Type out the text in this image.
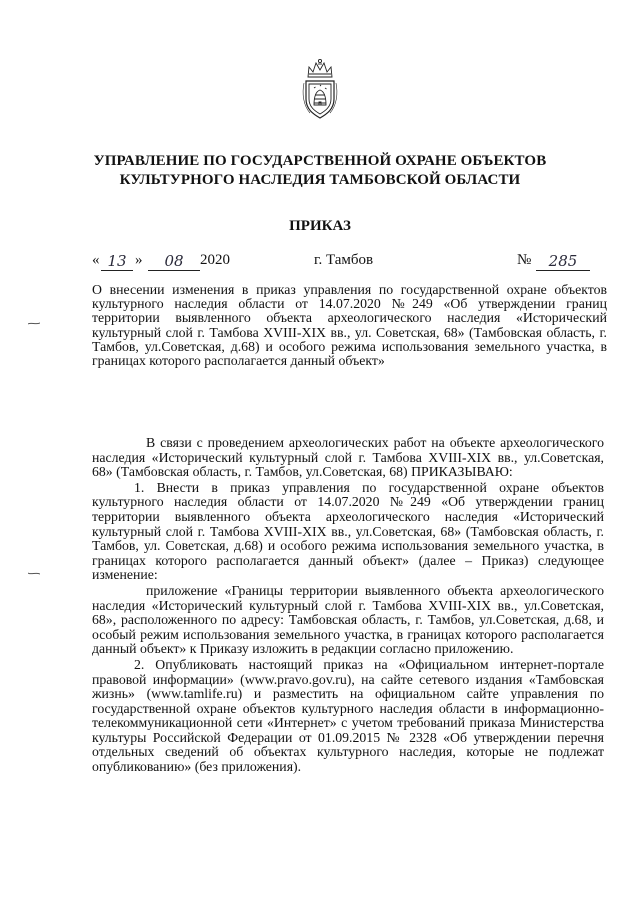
УПРАВЛЕНИЕ ПО ГОСУДАРСТВЕННОЙ ОХРАНЕ ОБЪЕКТОВ
КУЛЬТУРНОГО НАСЛЕДИЯ ТАМБОВСКОЙ ОБЛАСТИ
ПРИКАЗ
« 13 »	08	2020	г. Тамбов	№	285
О внесении изменения в приказ управления по государственной охране объектов культурного наследия области от 14.07.2020 №249 «Об утверждении границ территории выявленного объекта археологического наследия «Исторический культурный слой г. Тамбова XVIII-XIX вв., ул. Советская, 68» (Тамбовская область, г. Тамбов, ул.Советская, д.68) и особого режима использования земельного участка, в границах которого располагается данный объект»

В связи с проведением археологических работ на объекте археологического наследия «Исторический культурный слой г. Тамбова XVIII-XIX вв., ул.Советская, 68» (Тамбовская область, г. Тамбов, ул.Советская, 68) ПРИКАЗЫВАЮ:

1. Внести в приказ управления по государственной охране объектов культурного наследия области от 14.07.2020 №249 «Об утверждении границ территории выявленного объекта археологического наследия «Исторический культурный слой г. Тамбова XVIII-XIX вв., ул.Советская, 68» (Тамбовская область, г. Тамбов, ул. Советская, д.68) и особого режима использования земельного участка, в границах которого располагается данный объект» (далее – Приказ) следующее изменение:

приложение «Границы территории выявленного объекта археологического наследия «Исторический культурный слой г. Тамбова XVIII-XIX вв., ул.Советская, 68», расположенного по адресу: Тамбовская область, г. Тамбов, ул.Советская, д.68, и особый режим использования земельного участка, в границах которого располагается данный объект» к Приказу изложить в редакции согласно приложению.

2. Опубликовать настоящий приказ на «Официальном интернет-портале правовой информации» (www.pravo.gov.ru), на сайте сетевого издания «Тамбовская жизнь» (www.tamlife.ru) и разместить на официальном сайте управления по государственной охране объектов культурного наследия области в информационно-телекоммуникационной сети «Интернет» с учетом требований приказа Министерства культуры Российской Федерации от 01.09.2015 № 2328 «Об утверждении перечня отдельных сведений об объектах культурного наследия, которые не подлежат опубликованию» (без приложения).
